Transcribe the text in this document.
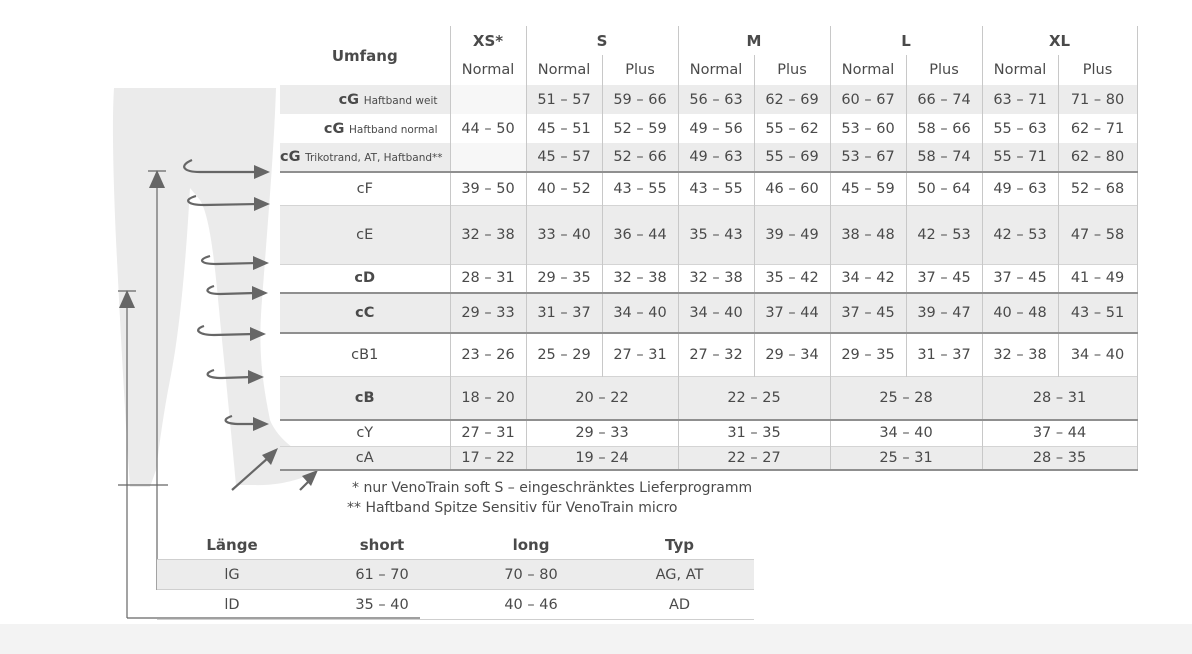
Umfang	XS*	S		M		L		XL	
	Normal	Normal	Plus	Normal	Plus	Normal	Plus	Normal	Plus
cG Haftband weit		51 – 57	59 – 66	56 – 63	62 – 69	60 – 67	66 – 74	63 – 71	71 – 80
cG Haftband normal	44 – 50	45 – 51	52 – 59	49 – 56	55 – 62	53 – 60	58 – 66	55 – 63	62 – 71
cG Trikotrand, AT, Haftband**		45 – 57	52 – 66	49 – 63	55 – 69	53 – 67	58 – 74	55 – 71	62 – 80
cF	39 – 50	40 – 52	43 – 55	43 – 55	46 – 60	45 – 59	50 – 64	49 – 63	52 – 68
cE	32 – 38	33 – 40	36 – 44	35 – 43	39 – 49	38 – 48	42 – 53	42 – 53	47 – 58
cD	28 – 31	29 – 35	32 – 38	32 – 38	35 – 42	34 – 42	37 – 45	37 – 45	41 – 49
cC	29 – 33	31 – 37	34 – 40	34 – 40	37 – 44	37 – 45	39 – 47	40 – 48	43 – 51
cB1	23 – 26	25 – 29	27 – 31	27 – 32	29 – 34	29 – 35	31 – 37	32 – 38	34 – 40
cB	18 – 20	20 – 22		22 – 25		25 – 28		28 – 31	
cY	27 – 31	29 – 33		31 – 35		34 – 40		37 – 44	
cA	17 – 22	19 – 24		22 – 27		25 – 31		28 – 35	
* nur VenoTrain soft S – eingeschränktes Lieferprogramm
** Haftband Spitze Sensitiv für VenoTrain micro
Länge	short	long	Typ
lG	61 – 70	70 – 80	AG, AT
lD	35 – 40	40 – 46	AD
